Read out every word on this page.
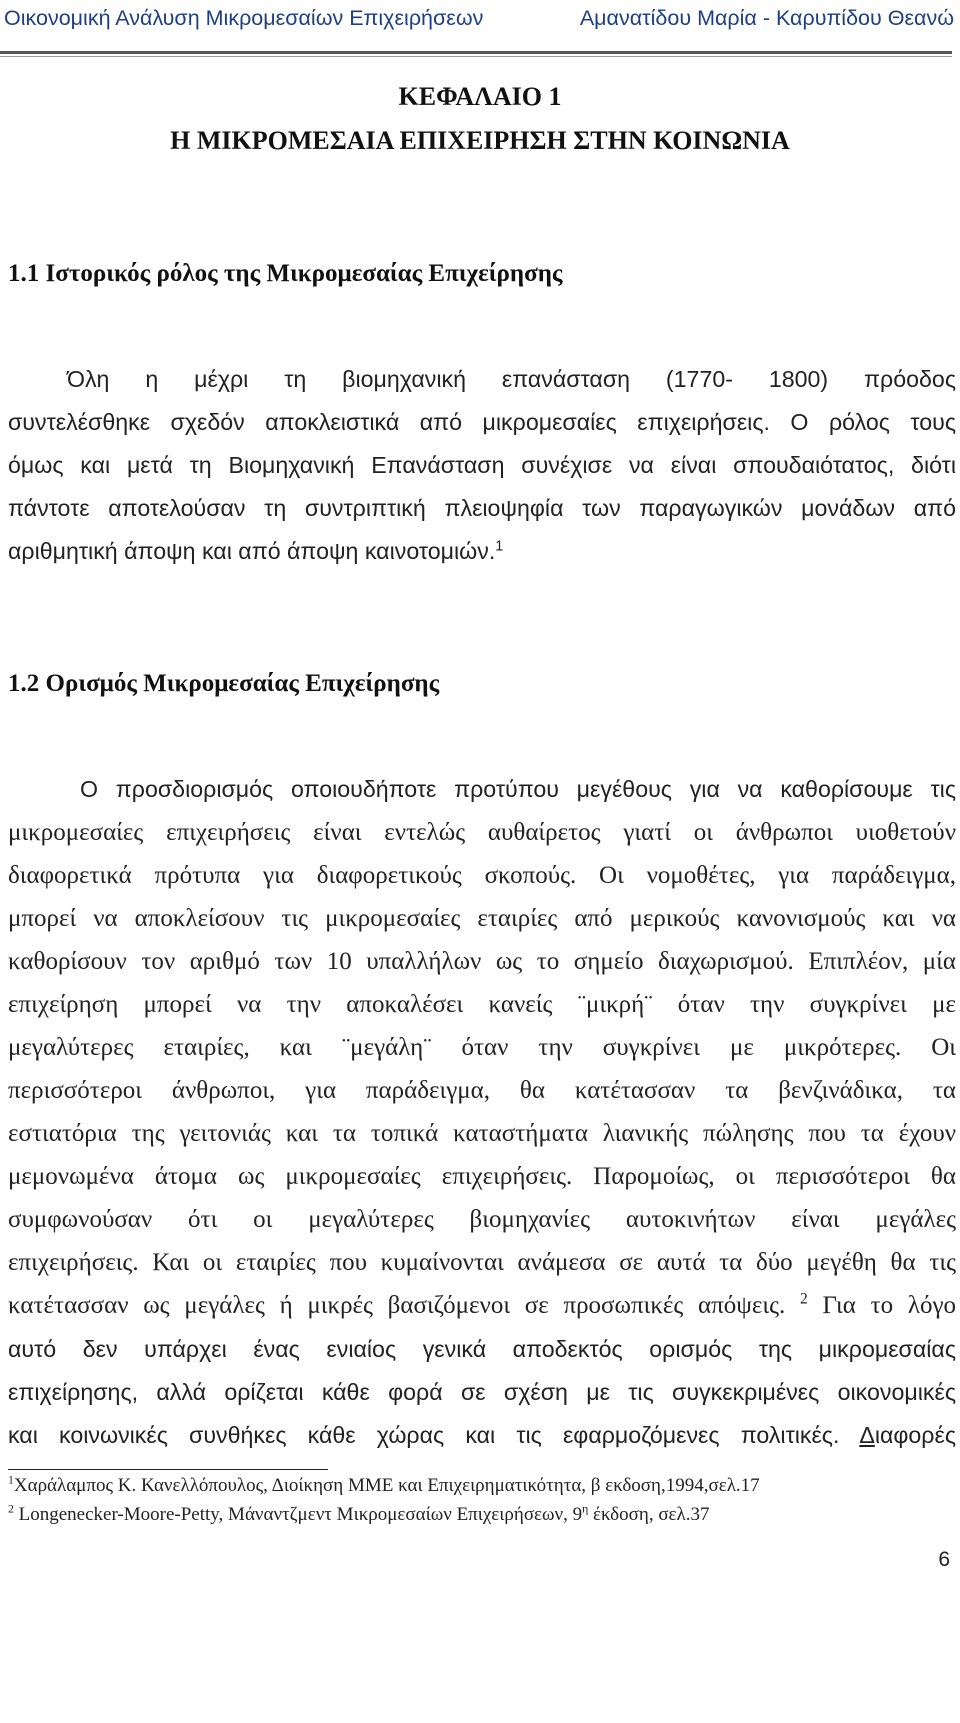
Οικονομική Ανάλυση Μικρομεσαίων Επιχειρήσεων	Αμανατίδου Μαρία - Καρυπίδου Θεανώ
ΚΕΦΑΛΑΙΟ 1
Η ΜΙΚΡΟΜΕΣΑΙΑ ΕΠΙΧΕΙΡΗΣΗ ΣΤΗΝ ΚΟΙΝΩΝΙΑ
1.1 Ιστορικός ρόλος της Μικρομεσαίας Επιχείρησης
Όλη η μέχρι τη βιομηχανική επανάσταση (1770- 1800) πρόοδος
συντελέσθηκε σχεδόν αποκλειστικά από μικρομεσαίες επιχειρήσεις. Ο ρόλος τους
όμως και μετά τη Βιομηχανική Επανάσταση συνέχισε να είναι σπουδαιότατος, διότι
πάντοτε αποτελούσαν τη συντριπτική πλειοψηφία των παραγωγικών μονάδων από
αριθμητική άποψη και από άποψη καινοτομιών.$^1$
1.2 Ορισμός Μικρομεσαίας Επιχείρησης
Ο προσδιορισμός οποιουδήποτε προτύπου μεγέθους για να καθορίσουμε τις
μικρομεσαίες επιχειρήσεις είναι εντελώς αυθαίρετος γιατί οι άνθρωποι υιοθετούν
διαφορετικά πρότυπα για διαφορετικούς σκοπούς. Οι νομοθέτες, για παράδειγμα,
μπορεί να αποκλείσουν τις μικρομεσαίες εταιρίες από μερικούς κανονισμούς και να
καθορίσουν τον αριθμό των 10 υπαλλήλων ως το σημείο διαχωρισμού. Επιπλέον, μία
επιχείρηση μπορεί να την αποκαλέσει κανείς ¨μικρή¨ όταν την συγκρίνει με
μεγαλύτερες εταιρίες, και ¨μεγάλη¨ όταν την συγκρίνει με μικρότερες. Οι
περισσότεροι άνθρωποι, για παράδειγμα, θα κατέτασσαν τα βενζινάδικα, τα
εστιατόρια της γειτονιάς και τα τοπικά καταστήματα λιανικής πώλησης που τα έχουν
μεμονωμένα άτομα ως μικρομεσαίες επιχειρήσεις. Παρομοίως, οι περισσότεροι θα
συμφωνούσαν ότι οι μεγαλύτερες βιομηχανίες αυτοκινήτων είναι μεγάλες
επιχειρήσεις. Και οι εταιρίες που κυμαίνονται ανάμεσα σε αυτά τα δύο μεγέθη θα τις
κατέτασσαν ως μεγάλες ή μικρές βασιζόμενοι σε προσωπικές απόψεις. $^2$ Για το λόγο
αυτό δεν υπάρχει ένας ενιαίος γενικά αποδεκτός ορισμός της μικρομεσαίας
επιχείρησης, αλλά ορίζεται κάθε φορά σε σχέση με τις συγκεκριμένες οικονομικές
και κοινωνικές συνθήκες κάθε χώρας και τις εφαρμοζόμενες πολιτικές. Διαφορές
$^1$Χαράλαμπος Κ. Κανελλόπουλος, Διοίκηση ΜΜΕ και Επιχειρηματικότητα, β εκδοση,1994,σελ.17
$^2$ Longenecker-Moore-Petty, Μάναντζμεντ Μικρομεσαίων Επιχειρήσεων, $9^\eta$ έκδοση, σελ.37
6
